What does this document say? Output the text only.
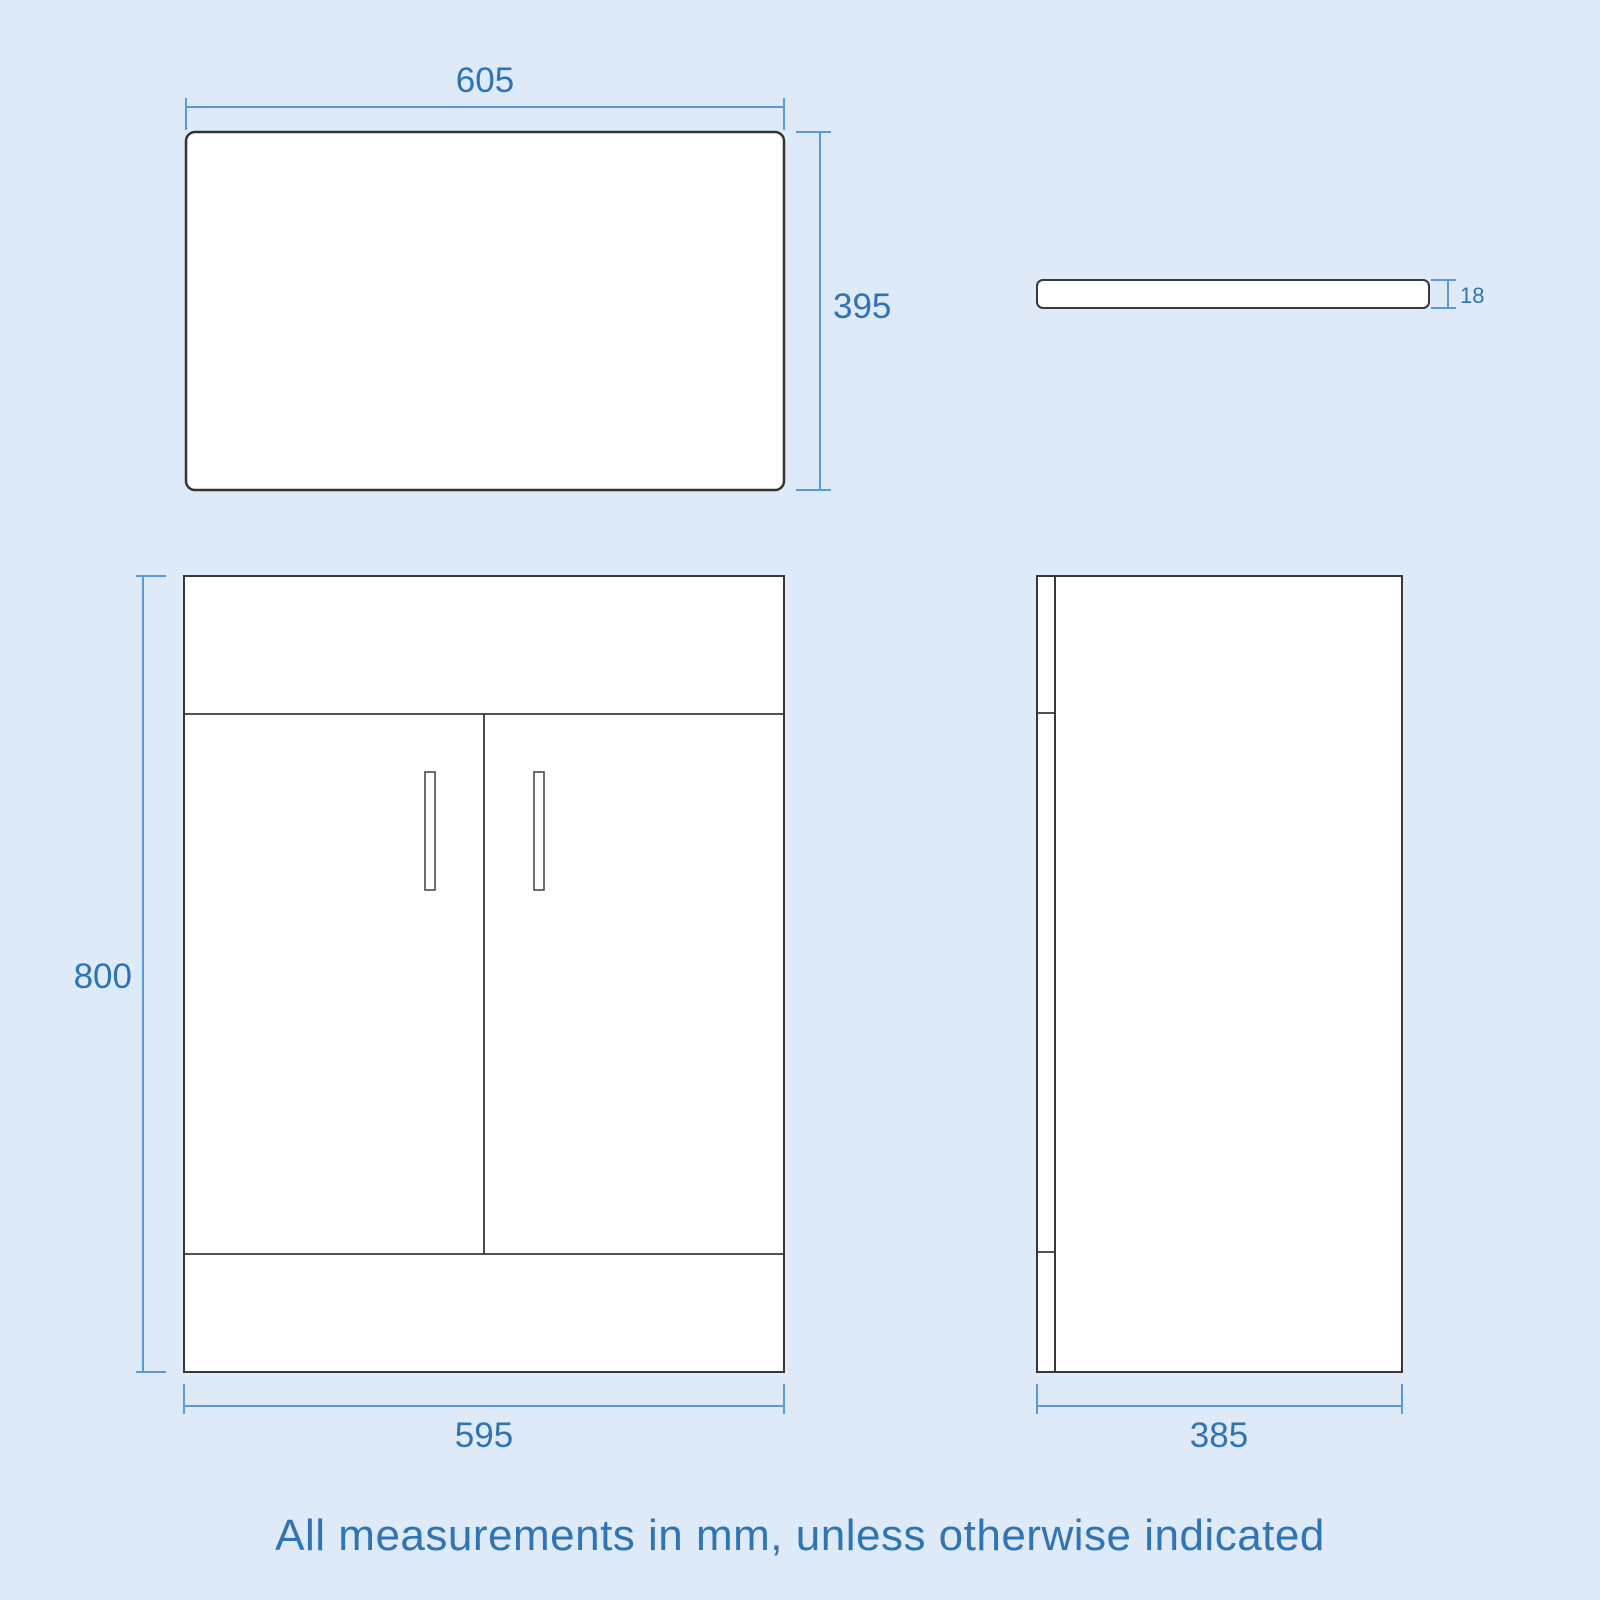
605
395	18
800
595	385
All measurements in mm, unless otherwise indicated
